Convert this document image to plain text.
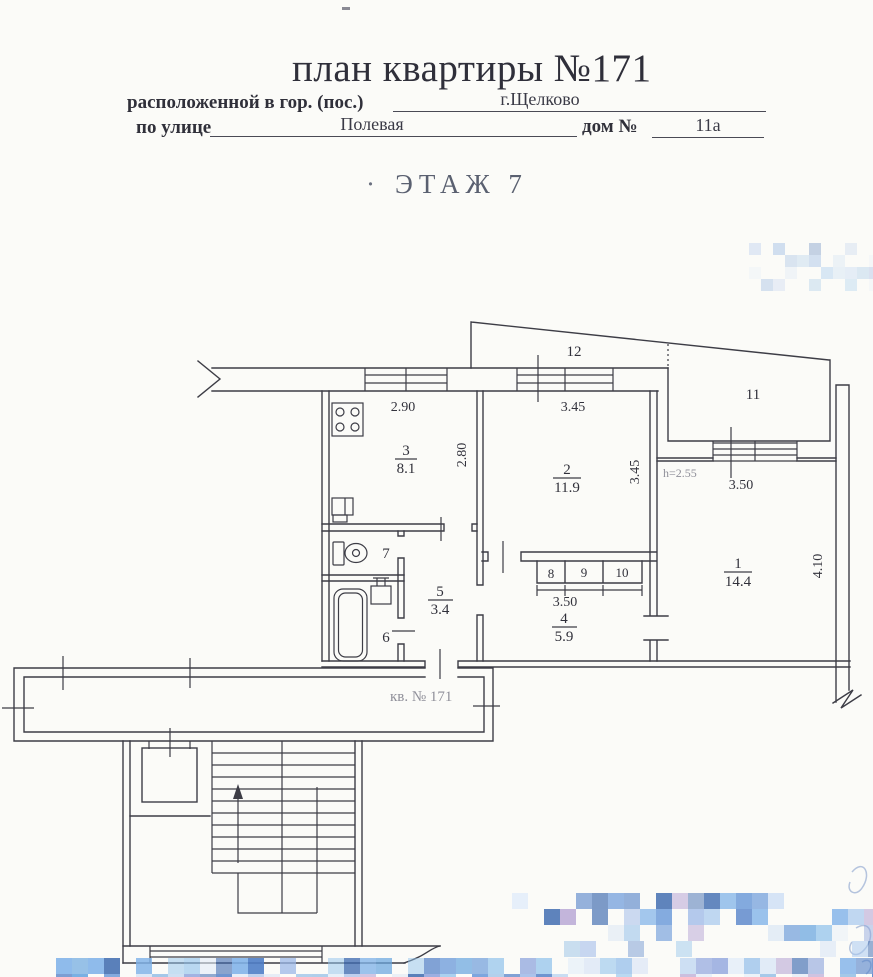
план квартиры №171
расположенной в гор. (пос.)	г.Щелково
по улице	Полевая	дом №	11а
· ЭТАЖ 7
3
8.1	2
11.9
1
14.4
4
5.9
5
3.4
7
6
8 9 10
12
11
2.90	3.45
3.50
3.50
2.80
3.45
4.10
h=2.55
кв. № 171
